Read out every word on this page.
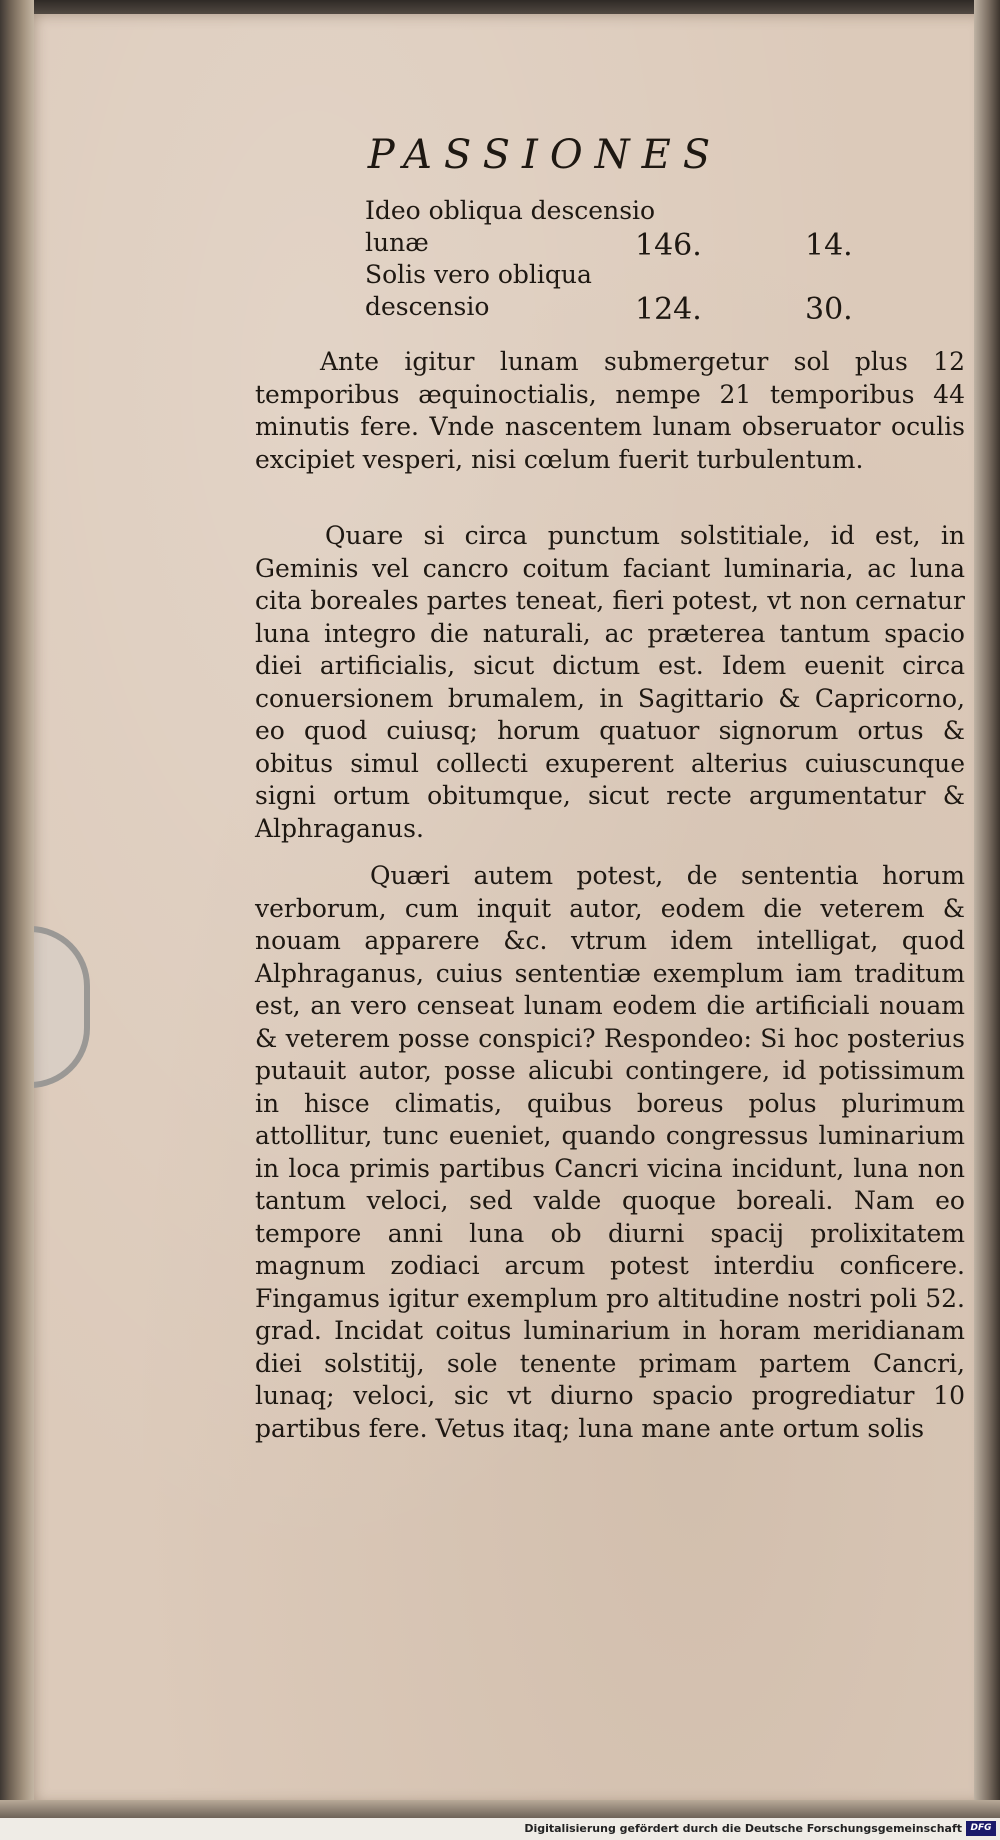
PASSIONES
Ideo obliqua descensio
lunæ	146.	14.
Solis vero obliqua
descensio	124.	30.

Ante igitur lunam submergetur sol plus 12 temporibus æquinoctialis, nempe 21 temporibus 44 minutis fere. Vnde nascentem lunam obseruator oculis excipiet vesperi, nisi cœlum fuerit turbulentum.

Quare si circa punctum solstitiale, id est, in Geminis vel cancro coitum faciant luminaria, ac luna cita boreales partes teneat, fieri potest, vt non cernatur luna integro die naturali, ac præterea tantum spacio diei artificialis, sicut dictum est. Idem euenit circa conuersionem brumalem, in Sagittario & Capricorno, eo quod cuiusq; horum quatuor signorum ortus & obitus simul collecti exuperent alterius cuiuscunque signi ortum obitumque, sicut recte argumentatur & Alphraganus.

Quæri autem potest, de sententia horum verborum, cum inquit autor, eodem die veterem & nouam apparere &c. vtrum idem intelligat, quod Alphraganus, cuius sententiæ exemplum iam traditum est, an vero censeat lunam eodem die artificiali nouam & veterem posse conspici? Respondeo: Si hoc posterius putauit autor, posse alicubi contingere, id potissimum in hisce climatis, quibus boreus polus plurimum attollitur, tunc eueniet, quando congressus luminarium in loca primis partibus Cancri vicina incidunt, luna non tantum veloci, sed valde quoque boreali. Nam eo tempore anni luna ob diurni spacij prolixitatem magnum zodiaci arcum potest interdiu conficere. Fingamus igitur exemplum pro altitudine nostri poli 52. grad. Incidat coitus luminarium in horam meridianam diei solstitij, sole tenente primam partem Cancri, lunaq; veloci, sic vt diurno spacio progrediatur 10 partibus fere. Vetus itaq; luna mane ante ortum solis

Digitalisierung gefördert durch die Deutsche Forschungsgemeinschaft DFG
